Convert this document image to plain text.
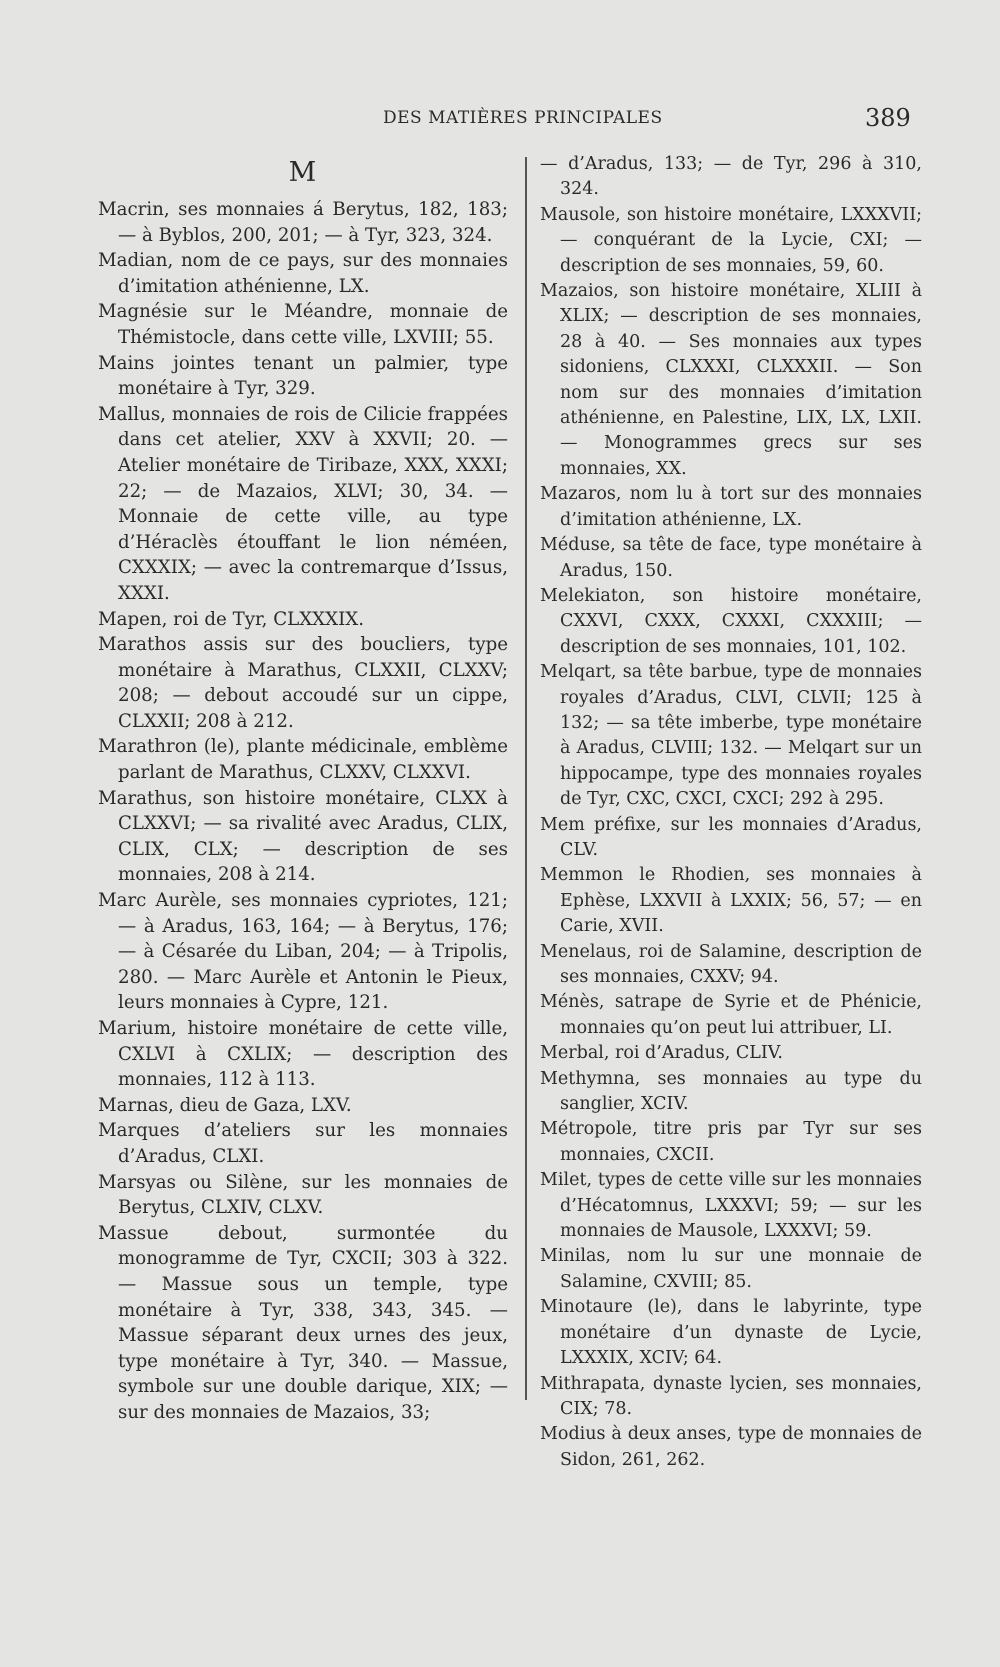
DES MATIÈRES PRINCIPALES	389
M

Macrin, ses monnaies á Berytus, 182, 183; — à Byblos, 200, 201; — à Tyr, 323, 324.

Madian, nom de ce pays, sur des monnaies d’imitation athénienne, LX.

Magnésie sur le Méandre, monnaie de Thémistocle, dans cette ville, LXVIII; 55.

Mains jointes tenant un palmier, type monétaire à Tyr, 329.

Mallus, monnaies de rois de Cilicie frappées dans cet atelier, XXV à XXVII; 20. — Atelier monétaire de Tiribaze, XXX, XXXI; 22; — de Mazaios, XLVI; 30, 34. — Monnaie de cette ville, au type d’Héraclès étouffant le lion néméen, CXXXIX; — avec la contremarque d’Issus, XXXI.

Mapen, roi de Tyr, CLXXXIX.

Marathos assis sur des boucliers, type monétaire à Marathus, CLXXII, CLXXV; 208; — debout accoudé sur un cippe, CLXXII; 208 à 212.

Marathron (le), plante médicinale, emblème parlant de Marathus, CLXXV, CLXXVI.

Marathus, son histoire monétaire, CLXX à CLXXVI; — sa rivalité avec Aradus, CLIX, CLIX, CLX; — description de ses monnaies, 208 à 214.

Marc Aurèle, ses monnaies cypriotes, 121; — à Aradus, 163, 164; — à Berytus, 176; — à Césarée du Liban, 204; — à Tripolis, 280. — Marc Aurèle et Antonin le Pieux, leurs monnaies à Cypre, 121.

Marium, histoire monétaire de cette ville, CXLVI à CXLIX; — description des monnaies, 112 à 113.

Marnas, dieu de Gaza, LXV.

Marques d’ateliers sur les monnaies d’Aradus, CLXI.

Marsyas ou Silène, sur les monnaies de Berytus, CLXIV, CLXV.

Massue debout, surmontée du monogramme de Tyr, CXCII; 303 à 322. — Massue sous un temple, type monétaire à Tyr, 338, 343, 345. — Massue séparant deux urnes des jeux, type monétaire à Tyr, 340. — Massue, symbole sur une double darique, XIX; — sur des monnaies de Mazaios, 33;

— d’Aradus, 133; — de Tyr, 296 à 310, 324.

Mausole, son histoire monétaire, LXXXVII; — conquérant de la Lycie, CXI; — description de ses monnaies, 59, 60.

Mazaios, son histoire monétaire, XLIII à XLIX; — description de ses monnaies, 28 à 40. — Ses monnaies aux types sidoniens, CLXXXI, CLXXXII. — Son nom sur des monnaies d’imitation athénienne, en Palestine, LIX, LX, LXII. — Monogrammes grecs sur ses monnaies, XX.

Mazaros, nom lu à tort sur des monnaies d’imitation athénienne, LX.

Méduse, sa tête de face, type monétaire à Aradus, 150.

Melekiaton, son histoire monétaire, CXXVI, CXXX, CXXXI, CXXXIII; — description de ses monnaies, 101, 102.

Melqart, sa tête barbue, type de monnaies royales d’Aradus, CLVI, CLVII; 125 à 132; — sa tête imberbe, type monétaire à Aradus, CLVIII; 132. — Melqart sur un hippocampe, type des monnaies royales de Tyr, CXC, CXCI, CXCI; 292 à 295.

Mem préfixe, sur les monnaies d’Aradus, CLV.

Memmon le Rhodien, ses monnaies à Ephèse, LXXVII à LXXIX; 56, 57; — en Carie, XVII.

Menelaus, roi de Salamine, description de ses monnaies, CXXV; 94.

Ménès, satrape de Syrie et de Phénicie, monnaies qu’on peut lui attribuer, LI.

Merbal, roi d’Aradus, CLIV.

Methymna, ses monnaies au type du sanglier, XCIV.

Métropole, titre pris par Tyr sur ses monnaies, CXCII.

Milet, types de cette ville sur les monnaies d’Hécatomnus, LXXXVI; 59; — sur les monnaies de Mausole, LXXXVI; 59.

Minilas, nom lu sur une monnaie de Salamine, CXVIII; 85.

Minotaure (le), dans le labyrinte, type monétaire d’un dynaste de Lycie, LXXXIX, XCIV; 64.

Mithrapata, dynaste lycien, ses monnaies, CIX; 78.

Modius à deux anses, type de monnaies de Sidon, 261, 262.
